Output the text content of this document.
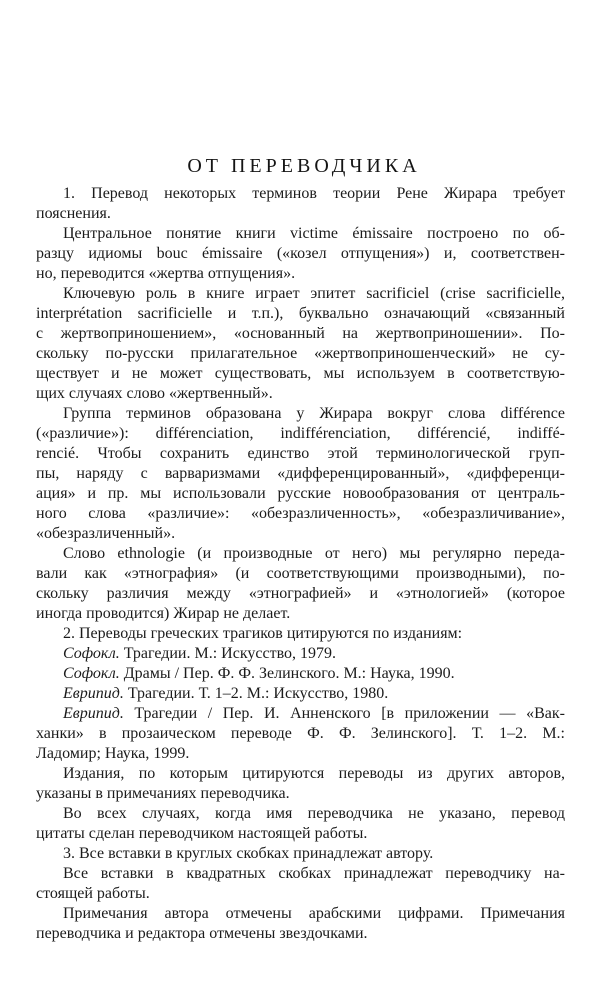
ОТ ПЕРЕВОДЧИКА
1. Перевод некоторых терминов теории Рене Жирара требует
пояснения.
Центральное понятие книги victime émissaire построено по об-
разцу идиомы bouc émissaire («козел отпущения») и, соответствен-
но, переводится «жертва отпущения».
Ключевую роль в книге играет эпитет sacrificiel (crise sacrificielle,
interprétation sacrificielle и т.п.), буквально означающий «связанный
с жертвоприношением», «основанный на жертвоприношении». По-
скольку по-русски прилагательное «жертвоприношенческий» не су-
ществует и не может существовать, мы используем в соответствую-
щих случаях слово «жертвенный».
Группа терминов образована у Жирара вокруг слова différence
(«различие»): différenciation, indifférenciation, différencié, indiffé-
rencié. Чтобы сохранить единство этой терминологической груп-
пы, наряду с варваризмами «дифференцированный», «дифференци-
ация» и пр. мы использовали русские новообразования от централь-
ного слова «различие»: «обезразличенность», «обезразличивание»,
«обезразличенный».
Слово ethnologie (и производные от него) мы регулярно переда-
вали как «этнография» (и соответствующими производными), по-
скольку различия между «этнографией» и «этнологией» (которое
иногда проводится) Жирар не делает.
2. Переводы греческих трагиков цитируются по изданиям:
Софокл. Трагедии. М.: Искусство, 1979.
Софокл. Драмы / Пер. Ф. Ф. Зелинского. М.: Наука, 1990.
Еврипид. Трагедии. Т. 1–2. М.: Искусство, 1980.
Еврипид. Трагедии / Пер. И. Анненского [в приложении — «Вак-
ханки» в прозаическом переводе Ф. Ф. Зелинского]. Т. 1–2. М.:
Ладомир; Наука, 1999.
Издания, по которым цитируются переводы из других авторов,
указаны в примечаниях переводчика.
Во всех случаях, когда имя переводчика не указано, перевод
цитаты сделан переводчиком настоящей работы.
3. Все вставки в круглых скобках принадлежат автору.
Все вставки в квадратных скобках принадлежат переводчику на-
стоящей работы.
Примечания автора отмечены арабскими цифрами. Примечания
переводчика и редактора отмечены звездочками.
